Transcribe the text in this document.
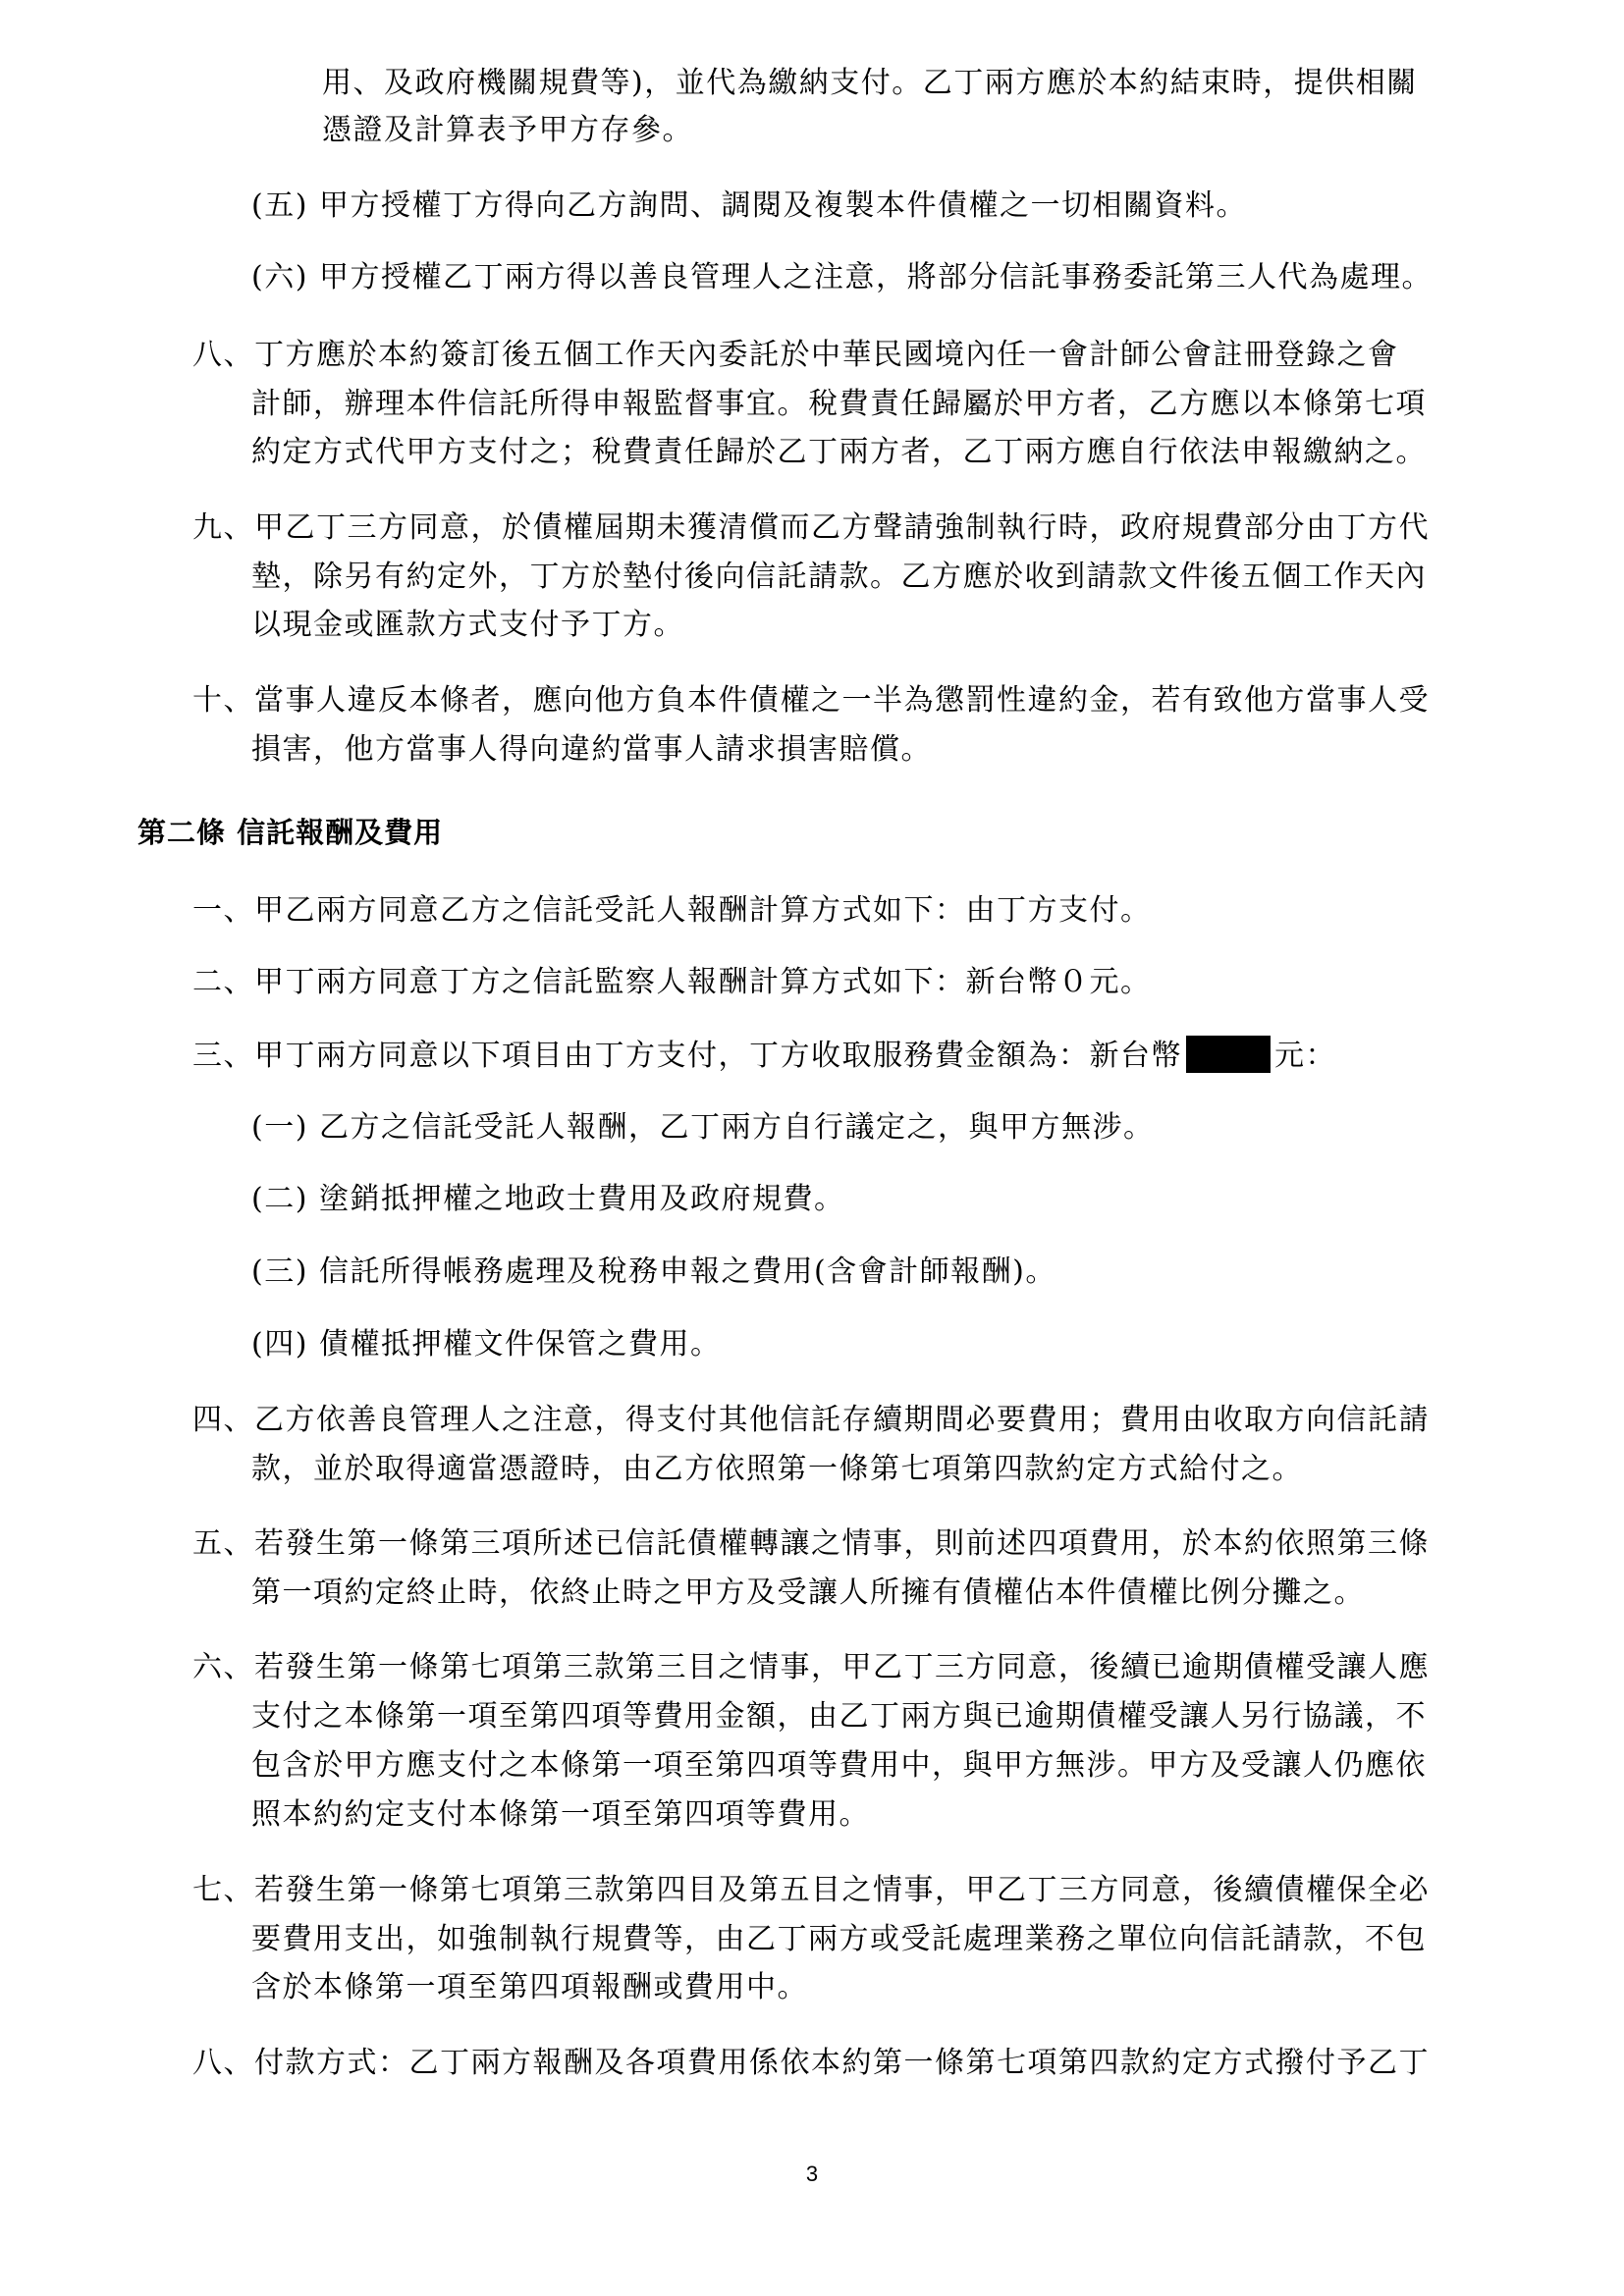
用、及政府機關規費等)，並代為繳納支付。乙丁兩方應於本約結束時，提供相關
憑證及計算表予甲方存參。
(五) 甲方授權丁方得向乙方詢問、調閱及複製本件債權之一切相關資料。
(六) 甲方授權乙丁兩方得以善良管理人之注意，將部分信託事務委託第三人代為處理。
八、丁方應於本約簽訂後五個工作天內委託於中華民國境內任一會計師公會註冊登錄之會
計師，辦理本件信託所得申報監督事宜。稅費責任歸屬於甲方者，乙方應以本條第七項
約定方式代甲方支付之；稅費責任歸於乙丁兩方者，乙丁兩方應自行依法申報繳納之。
九、甲乙丁三方同意，於債權屆期未獲清償而乙方聲請強制執行時，政府規費部分由丁方代
墊，除另有約定外，丁方於墊付後向信託請款。乙方應於收到請款文件後五個工作天內
以現金或匯款方式支付予丁方。
十、當事人違反本條者，應向他方負本件債權之一半為懲罰性違約金，若有致他方當事人受
損害，他方當事人得向違約當事人請求損害賠償。
第二條 信託報酬及費用
一、甲乙兩方同意乙方之信託受託人報酬計算方式如下：由丁方支付。
二、甲丁兩方同意丁方之信託監察人報酬計算方式如下：新台幣０元。
三、甲丁兩方同意以下項目由丁方支付，丁方收取服務費金額為：新台幣	元：
(一) 乙方之信託受託人報酬，乙丁兩方自行議定之，與甲方無涉。
(二) 塗銷抵押權之地政士費用及政府規費。
(三) 信託所得帳務處理及稅務申報之費用(含會計師報酬)。
(四) 債權抵押權文件保管之費用。
四、乙方依善良管理人之注意，得支付其他信託存續期間必要費用；費用由收取方向信託請
款，並於取得適當憑證時，由乙方依照第一條第七項第四款約定方式給付之。
五、若發生第一條第三項所述已信託債權轉讓之情事，則前述四項費用，於本約依照第三條
第一項約定終止時，依終止時之甲方及受讓人所擁有債權佔本件債權比例分攤之。
六、若發生第一條第七項第三款第三目之情事，甲乙丁三方同意，後續已逾期債權受讓人應
支付之本條第一項至第四項等費用金額，由乙丁兩方與已逾期債權受讓人另行協議，不
包含於甲方應支付之本條第一項至第四項等費用中，與甲方無涉。甲方及受讓人仍應依
照本約約定支付本條第一項至第四項等費用。
七、若發生第一條第七項第三款第四目及第五目之情事，甲乙丁三方同意，後續債權保全必
要費用支出，如強制執行規費等，由乙丁兩方或受託處理業務之單位向信託請款，不包
含於本條第一項至第四項報酬或費用中。
八、付款方式：乙丁兩方報酬及各項費用係依本約第一條第七項第四款約定方式撥付予乙丁
3
